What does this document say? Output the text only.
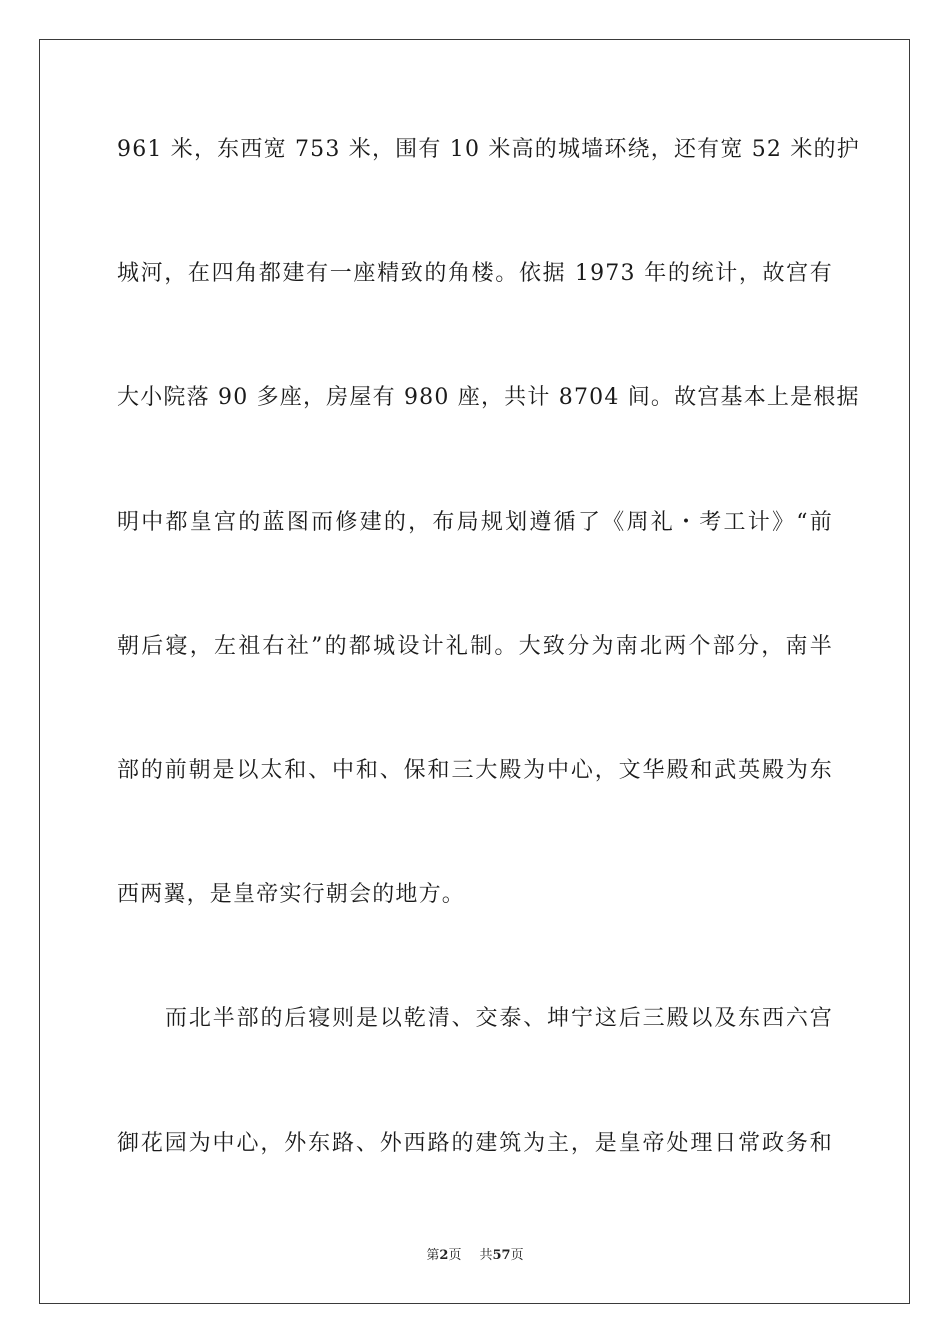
961 米，东西宽 753 米，围有 10 米高的城墙环绕，还有宽 52 米的护
城河，在四角都建有一座精致的角楼。依据 1973 年的统计，故宫有
大小院落 90 多座，房屋有 980 座，共计 8704 间。故宫基本上是根据
明中都皇宫的蓝图而修建的，布局规划遵循了《周礼・考工计》“前
朝后寝，左祖右社”的都城设计礼制。大致分为南北两个部分，南半
部的前朝是以太和、中和、保和三大殿为中心，文华殿和武英殿为东
西两翼，是皇帝实行朝会的地方。
而北半部的后寝则是以乾清、交泰、坤宁这后三殿以及东西六宫
御花园为中心，外东路、外西路的建筑为主，是皇帝处理日常政务和
第2页 共57页
